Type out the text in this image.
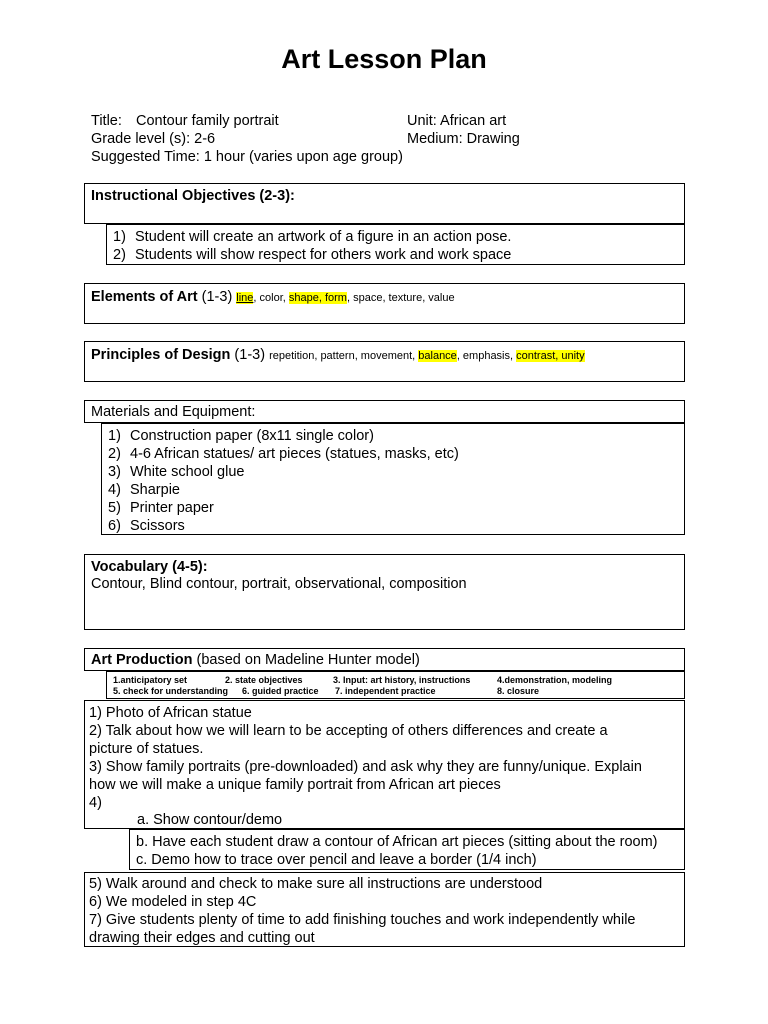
Art Lesson Plan
Title: Contour family portrait	Unit: African art
Grade level (s): 2-6	Medium: Drawing
Suggested Time: 1 hour (varies upon age group)
Instructional Objectives (2-3):
1) Student will create an artwork of a figure in an action pose.
2) Students will show respect for others work and work space
Elements of Art (1-3) line, color, shape, form, space, texture, value
Principles of Design (1-3) repetition, pattern, movement, balance, emphasis, contrast, unity
Materials and Equipment:
1) Construction paper (8x11 single color)
2) 4-6 African statues/ art pieces (statues, masks, etc)
3) White school glue
4) Sharpie
5) Printer paper
6) Scissors
Vocabulary (4-5):
Contour, Blind contour, portrait, observational, composition
Art Production (based on Madeline Hunter model)
1.anticipatory set	2. state objectives	3. Input: art history, instructions	4.demonstration, modeling
5. check for understanding 6. guided practice 7. independent practice	8. closure
1) Photo of African statue
2) Talk about how we will learn to be accepting of others differences and create a
picture of statues.
3) Show family portraits (pre-downloaded) and ask why they are funny/unique. Explain
how we will make a unique family portrait from African art pieces
4)
a. Show contour/demo
b. Have each student draw a contour of African art pieces (sitting about the room)
c. Demo how to trace over pencil and leave a border (1/4 inch)
5) Walk around and check to make sure all instructions are understood
6) We modeled in step 4C
7) Give students plenty of time to add finishing touches and work independently while
drawing their edges and cutting out
